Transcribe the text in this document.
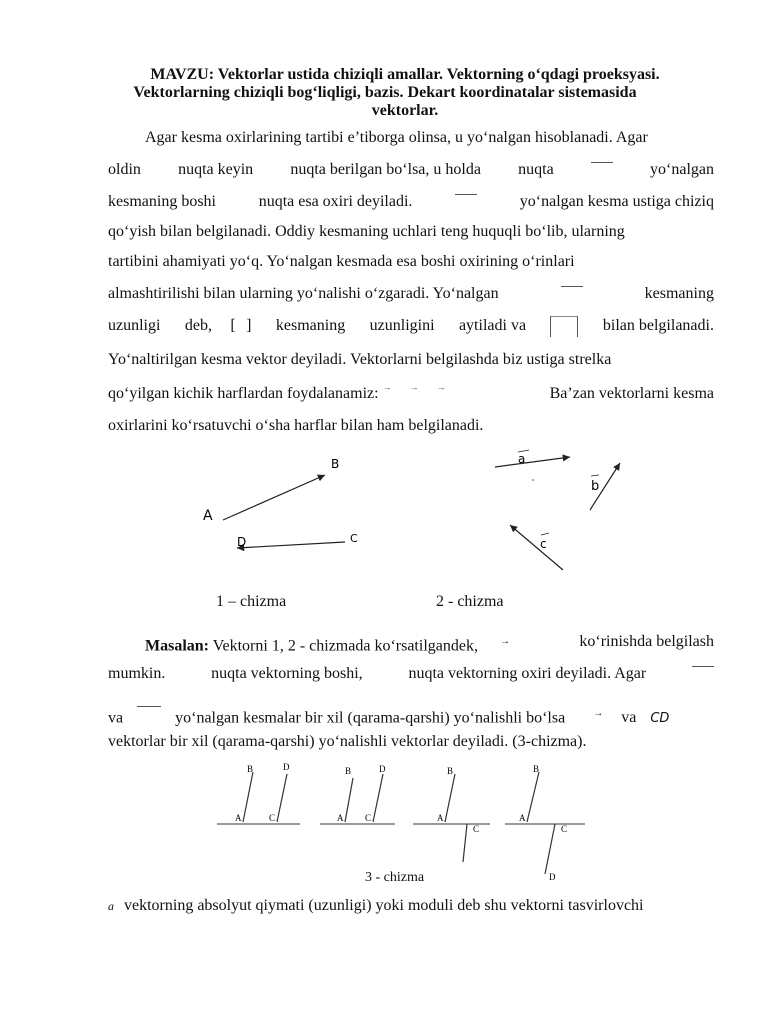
MAVZU: Vektorlar ustida chiziqli amallar. Vektorning o‘qdagi proeksyasi.
Vektorlarning chiziqli bog‘liqligi, bazis. Dekart koordinatalar sistemasida
vektorlar.
Agar kesma oxirlarining tartibi e’tiborga olinsa, u yo‘nalgan hisoblanadi. Agar
oldin nuqta keyin nuqta berilgan bo‘lsa, u holda nuqta	yo‘nalgan
kesmaning boshi	nuqta esa oxiri deyiladi.	yo‘nalgan kesma ustiga chiziq
qo‘yish bilan belgilanadi. Oddiy kesmaning uchlari teng huquqli bo‘lib, ularning
tartibini ahamiyati yo‘q. Yo‘nalgan kesmada esa boshi oxirining o‘rinlari
almashtirilishi bilan ularning yo‘nalishi o‘zgaradi. Yo‘nalgan	kesmaning
uzunligi deb, [ ] kesmaning uzunligini aytiladi va	bilan belgilanadi.
Yo‘naltirilgan kesma vektor deyiladi. Vektorlarni belgilashda biz ustiga strelka
qo‘yilgan kichik harflardan foydalanamiz: →→→	Ba’zan vektorlarni kesma
oxirlarini ko‘rsatuvchi o‘sha harflar bilan ham belgilanadi.
A
B
C
D
a
b
c
1 – chizma	2 - chizma
Masalan: Vektorni 1, 2 - chizmada ko‘rsatilgandek, →	ko‘rinishda belgilash
mumkin.	nuqta vektorning boshi,	nuqta vektorning oxiri deyiladi. Agar
va	yo‘nalgan kesmalar bir xil (qarama-qarshi) yo‘nalishli bo‘lsa	→ va CD
vektorlar bir xil (qarama-qarshi) yo‘nalishli vektorlar deyiladi. (3-chizma).
A
B
C
D
A
B
C
D
A
B
C
A
B
C
D
3 - chizma
a vektorning absolyut qiymati (uzunligi) yoki moduli deb shu vektorni tasvirlovchi
